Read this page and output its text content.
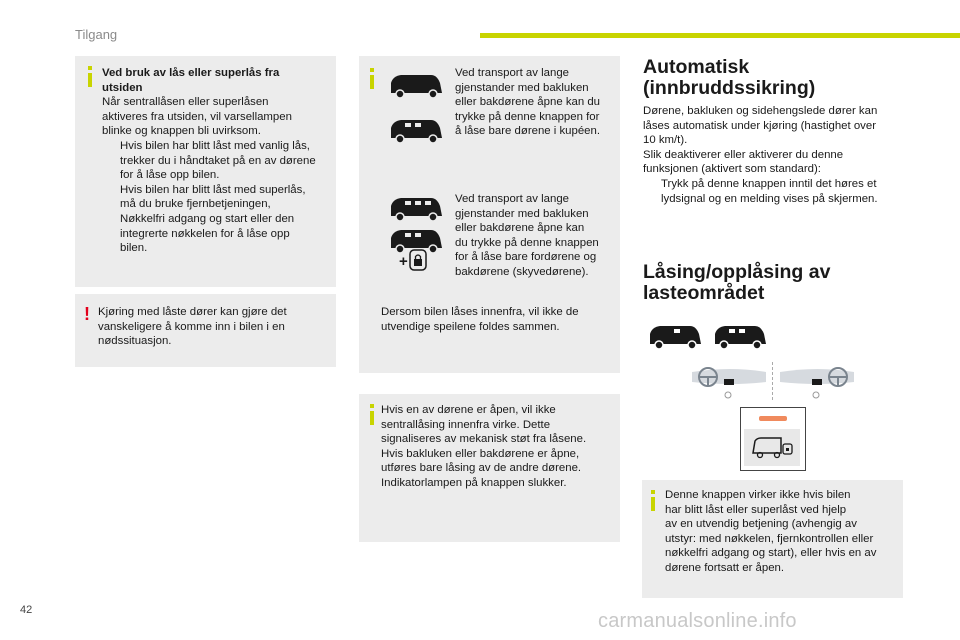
Tilgang
Ved bruk av lås eller superlås fra
utsiden
Når sentrallåsen eller superlåsen
aktiveres fra utsiden, vil varsellampen
blinke og knappen bli uvirksom.
Hvis bilen har blitt låst med vanlig lås,
trekker du i håndtaket på en av dørene
for å låse opp bilen.
Hvis bilen har blitt låst med superlås,
må du bruke fjernbetjeningen,
Nøkkelfri adgang og start eller den
integrerte nøkkelen for å låse opp
bilen.
! Kjøring med låste dører kan gjøre det
vanskeligere å komme inn i bilen i en
nødssituasjon.
Ved transport av lange
gjenstander med bakluken
eller bakdørene åpne kan du
trykke på denne knappen for
å låse bare dørene i kupéen.
+
Ved transport av lange
gjenstander med bakluken
eller bakdørene åpne kan
du trykke på denne knappen
for å låse bare fordørene og
bakdørene (skyvedørene).
Dersom bilen låses innenfra, vil ikke de
utvendige speilene foldes sammen.
Hvis en av dørene er åpen, vil ikke
sentrallåsing innenfra virke. Dette
signaliseres av mekanisk støt fra låsene.
Hvis bakluken eller bakdørene er åpne,
utføres bare låsing av de andre dørene.
Indikatorlampen på knappen slukker.
Automatisk
(innbruddssikring)
Dørene, bakluken og sidehengslede dører kan
låses automatisk under kjøring (hastighet over
10 km/t).
Slik deaktiverer eller aktiverer du denne
funksjonen (aktivert som standard):
Trykk på denne knappen inntil det høres et
lydsignal og en melding vises på skjermen.
Låsing/opplåsing av
lasteområdet
Denne knappen virker ikke hvis bilen
har blitt låst eller superlåst ved hjelp
av en utvendig betjening (avhengig av
utstyr: med nøkkelen, fjernkontrollen eller
nøkkelfri adgang og start), eller hvis en av
dørene fortsatt er åpen.
42	carmanualsonline.info
